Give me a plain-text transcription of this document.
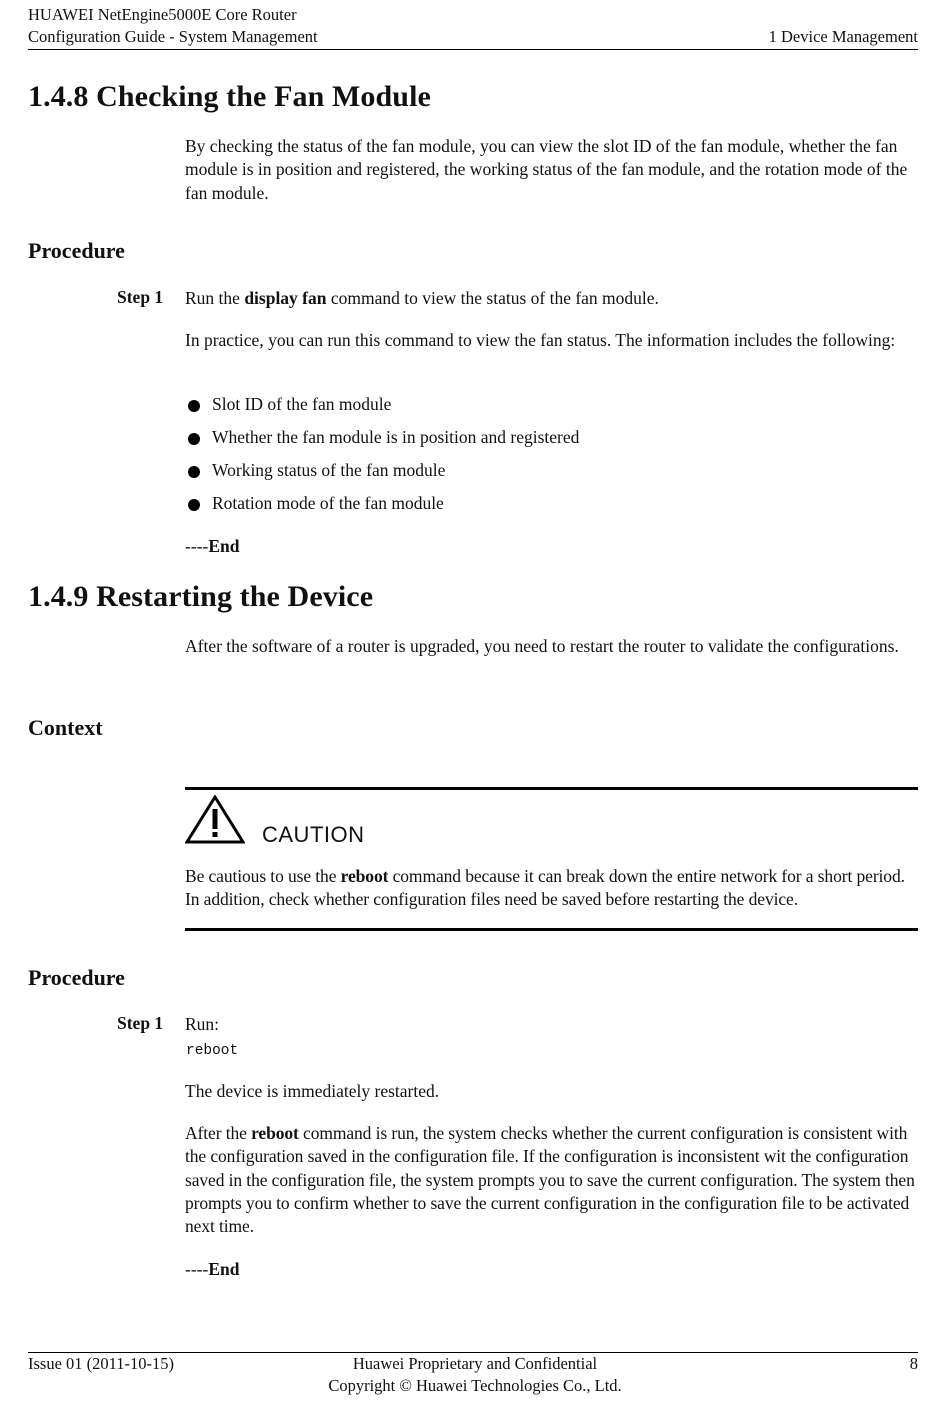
HUAWEI NetEngine5000E Core Router
Configuration Guide - System Management	1 Device Management
1.4.8 Checking the Fan Module

By checking the status of the fan module, you can view the slot ID of the fan module, whether the fan module is in position and registered, the working status of the fan module, and the rotation mode of the fan module.

Procedure
Step 1 Run the display fan command to view the status of the fan module.

In practice, you can run this command to view the fan status. The information includes the following:

Slot ID of the fan module
Whether the fan module is in position and registered
Working status of the fan module
Rotation mode of the fan module
----End
1.4.9 Restarting the Device

After the software of a router is upgraded, you need to restart the router to validate the configurations.

Context
CAUTION

Be cautious to use the reboot command because it can break down the entire network for a short period. In addition, check whether configuration files need be saved before restarting the device.

Procedure
Step 1 Run:

reboot

The device is immediately restarted.

After the reboot command is run, the system checks whether the current configuration is consistent with the configuration saved in the configuration file. If the configuration is inconsistent wit the configuration saved in the configuration file, the system prompts you to save the current configuration. The system then prompts you to confirm whether to save the current configuration in the configuration file to be activated next time.

----End
Issue 01 (2011-10-15)	Huawei Proprietary and Confidential
Copyright © Huawei Technologies Co., Ltd.
8
